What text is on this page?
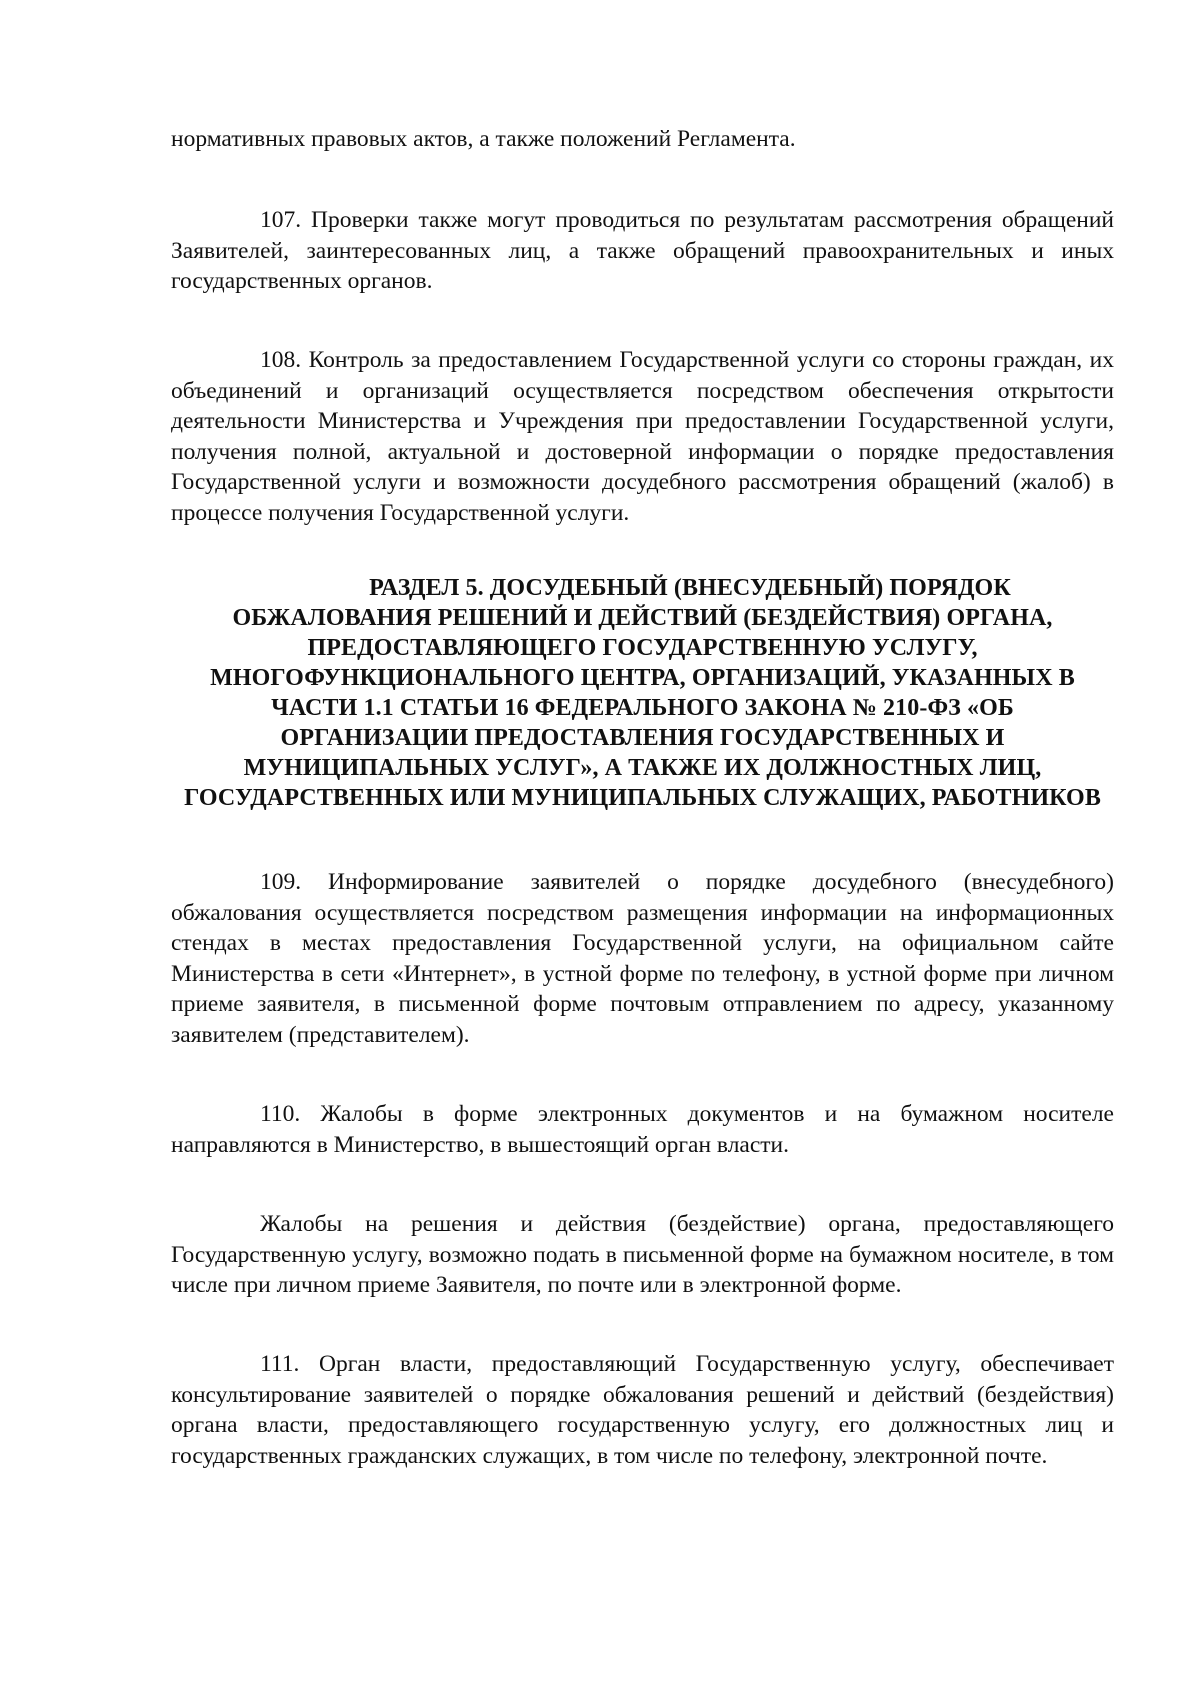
нормативных правовых актов, а также положений Регламента.

107. Проверки также могут проводиться по результатам рассмотрения обращений Заявителей, заинтересованных лиц, а также обращений правоохранительных и иных государственных органов.

108. Контроль за предоставлением Государственной услуги со стороны граждан, их объединений и организаций осуществляется посредством обеспечения открытости деятельности Министерства и Учреждения при предоставлении Государственной услуги, получения полной, актуальной и достоверной информации о порядке предоставления Государственной услуги и возможности досудебного рассмотрения обращений (жалоб) в процессе получения Государственной услуги.

РАЗДЕЛ 5. ДОСУДЕБНЫЙ (ВНЕСУДЕБНЫЙ) ПОРЯДОК
ОБЖАЛОВАНИЯ РЕШЕНИЙ И ДЕЙСТВИЙ (БЕЗДЕЙСТВИЯ) ОРГАНА,
ПРЕДОСТАВЛЯЮЩЕГО ГОСУДАРСТВЕННУЮ УСЛУГУ,
МНОГОФУНКЦИОНАЛЬНОГО ЦЕНТРА, ОРГАНИЗАЦИЙ, УКАЗАННЫХ В
ЧАСТИ 1.1 СТАТЬИ 16 ФЕДЕРАЛЬНОГО ЗАКОНА № 210-ФЗ «ОБ
ОРГАНИЗАЦИИ ПРЕДОСТАВЛЕНИЯ ГОСУДАРСТВЕННЫХ И
МУНИЦИПАЛЬНЫХ УСЛУГ», А ТАКЖЕ ИХ ДОЛЖНОСТНЫХ ЛИЦ,
ГОСУДАРСТВЕННЫХ ИЛИ МУНИЦИПАЛЬНЫХ СЛУЖАЩИХ, РАБОТНИКОВ

109. Информирование заявителей о порядке досудебного (внесудебного) обжалования осуществляется посредством размещения информации на информационных стендах в местах предоставления Государственной услуги, на официальном сайте Министерства в сети «Интернет», в устной форме по телефону, в устной форме при личном приеме заявителя, в письменной форме почтовым отправлением по адресу, указанному заявителем (представителем).

110. Жалобы в форме электронных документов и на бумажном носителе направляются в Министерство, в вышестоящий орган власти.

Жалобы на решения и действия (бездействие) органа, предоставляющего Государственную услугу, возможно подать в письменной форме на бумажном носителе, в том числе при личном приеме Заявителя, по почте или в электронной форме.

111. Орган власти, предоставляющий Государственную услугу, обеспечивает консультирование заявителей о порядке обжалования решений и действий (бездействия) органа власти, предоставляющего государственную услугу, его должностных лиц и государственных гражданских служащих, в том числе по телефону, электронной почте.
